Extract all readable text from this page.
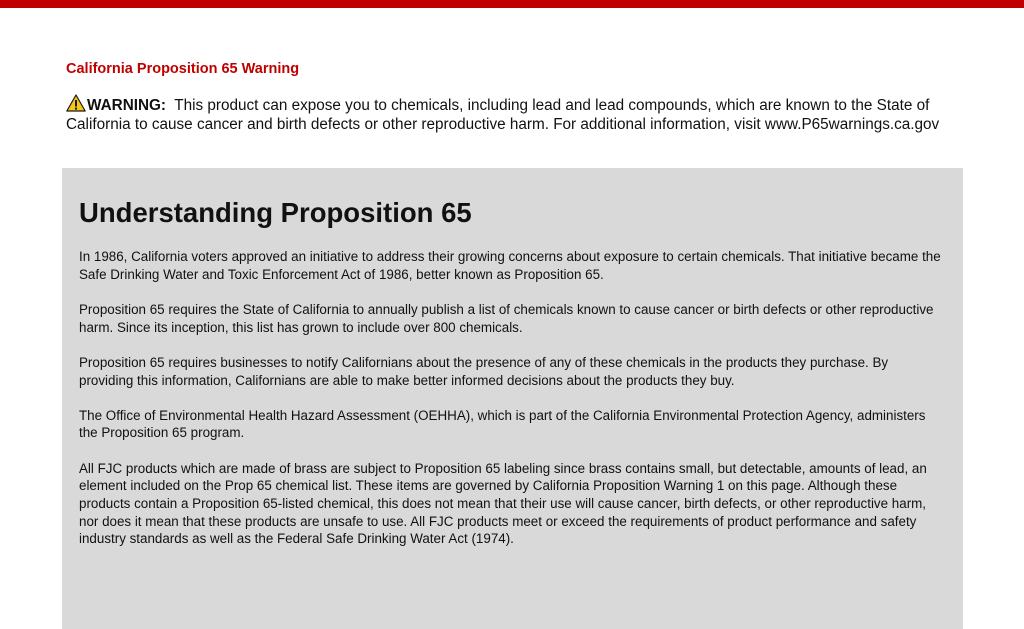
California Proposition 65 Warning

WARNING: This product can expose you to chemicals, including lead and lead compounds, which are known to the State of California to cause cancer and birth defects or other reproductive harm. For additional information, visit www.P65warnings.ca.gov

Understanding Proposition 65

In 1986, California voters approved an initiative to address their growing concerns about exposure to certain chemicals. That initiative became the Safe Drinking Water and Toxic Enforcement Act of 1986, better known as Proposition 65.

Proposition 65 requires the State of California to annually publish a list of chemicals known to cause cancer or birth defects or other reproductive harm. Since its inception, this list has grown to include over 800 chemicals.

Proposition 65 requires businesses to notify Californians about the presence of any of these chemicals in the products they purchase. By providing this information, Californians are able to make better informed decisions about the products they buy.

The Office of Environmental Health Hazard Assessment (OEHHA), which is part of the California Environmental Protection Agency, administers the Proposition 65 program.

All FJC products which are made of brass are subject to Proposition 65 labeling since brass contains small, but detectable, amounts of lead, an element included on the Prop 65 chemical list. These items are governed by California Proposition Warning 1 on this page. Although these products contain a Proposition 65-listed chemical, this does not mean that their use will cause cancer, birth defects, or other reproductive harm, nor does it mean that these products are unsafe to use. All FJC products meet or exceed the requirements of product performance and safety industry standards as well as the Federal Safe Drinking Water Act (1974).
